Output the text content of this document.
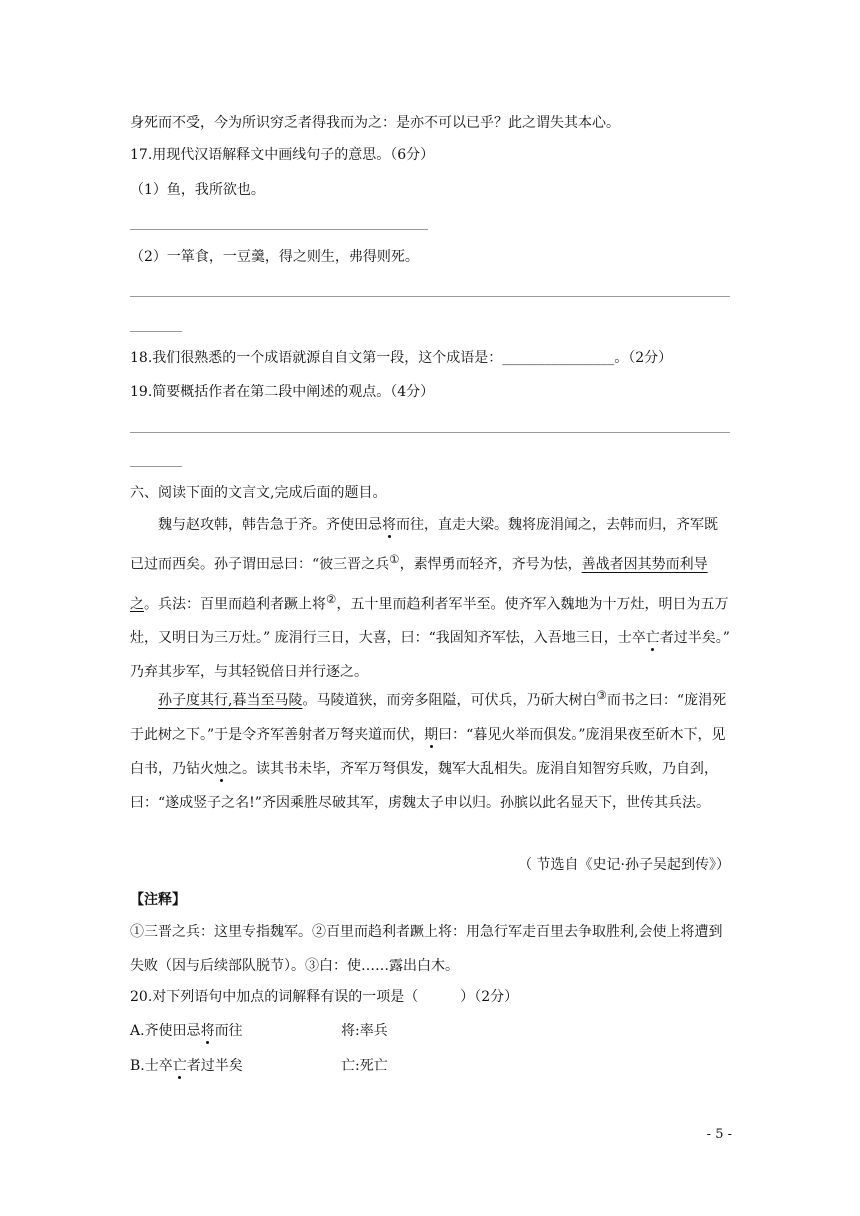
身死而不受，今为所识穷乏者得我而为之：是亦不可以已乎？此之谓失其本心。
17.用现代汉语解释文中画线句子的意思。（6分）
（1）鱼，我所欲也。
（2）一箪食，一豆羹，得之则生，弗得则死。
18.我们很熟悉的一个成语就源自自文第一段，这个成语是：________________。（2分）
19.简要概括作者在第二段中阐述的观点。（4分）
六、阅读下面的文言文,完成后面的题目。
魏与赵攻韩，韩告急于齐。齐使田忌将而往，直走大梁。魏将庞涓闻之，去韩而归，齐军既已过而西矣。孙子谓田忌曰：“彼三晋之兵①，素悍勇而轻齐，齐号为怯，善战者因其势而利导之。兵法：百里而趋利者蹶上将②，五十里而趋利者军半至。使齐军入魏地为十万灶，明日为五万灶，又明日为三万灶。” 庞涓行三日，大喜，曰：“我固知齐军怯，入吾地三日，士卒亡者过半矣。” 乃弃其步军，与其轻锐倍日并行逐之。
孙子度其行,暮当至马陵。马陵道狭，而旁多阻隘，可伏兵，乃斫大树白③而书之曰：“庞涓死于此树之下。”于是令齐军善射者万弩夹道而伏，期曰：“暮见火举而俱发。”庞涓果夜至斫木下，见白书，乃钻火烛之。读其书未毕，齐军万弩俱发，魏军大乱相失。庞涓自知智穷兵败，乃自刭，曰：“遂成竖子之名!”齐因乘胜尽破其军，虏魏太子申以归。孙膑以此名显天下，世传其兵法。
（ 节选自《史记·孙子吴起到传》）
【注释】
①三晋之兵：这里专指魏军。②百里而趋利者蹶上将：用急行军走百里去争取胜利,会使上将遭到失败（因与后续部队脱节）。③白：使……露出白木。
20.对下列语句中加点的词解释有误的一项是（　　　）（2分）
A.齐使田忌将而往	将:率兵
B.士卒亡者过半矣	亡:死亡
- 5 -
